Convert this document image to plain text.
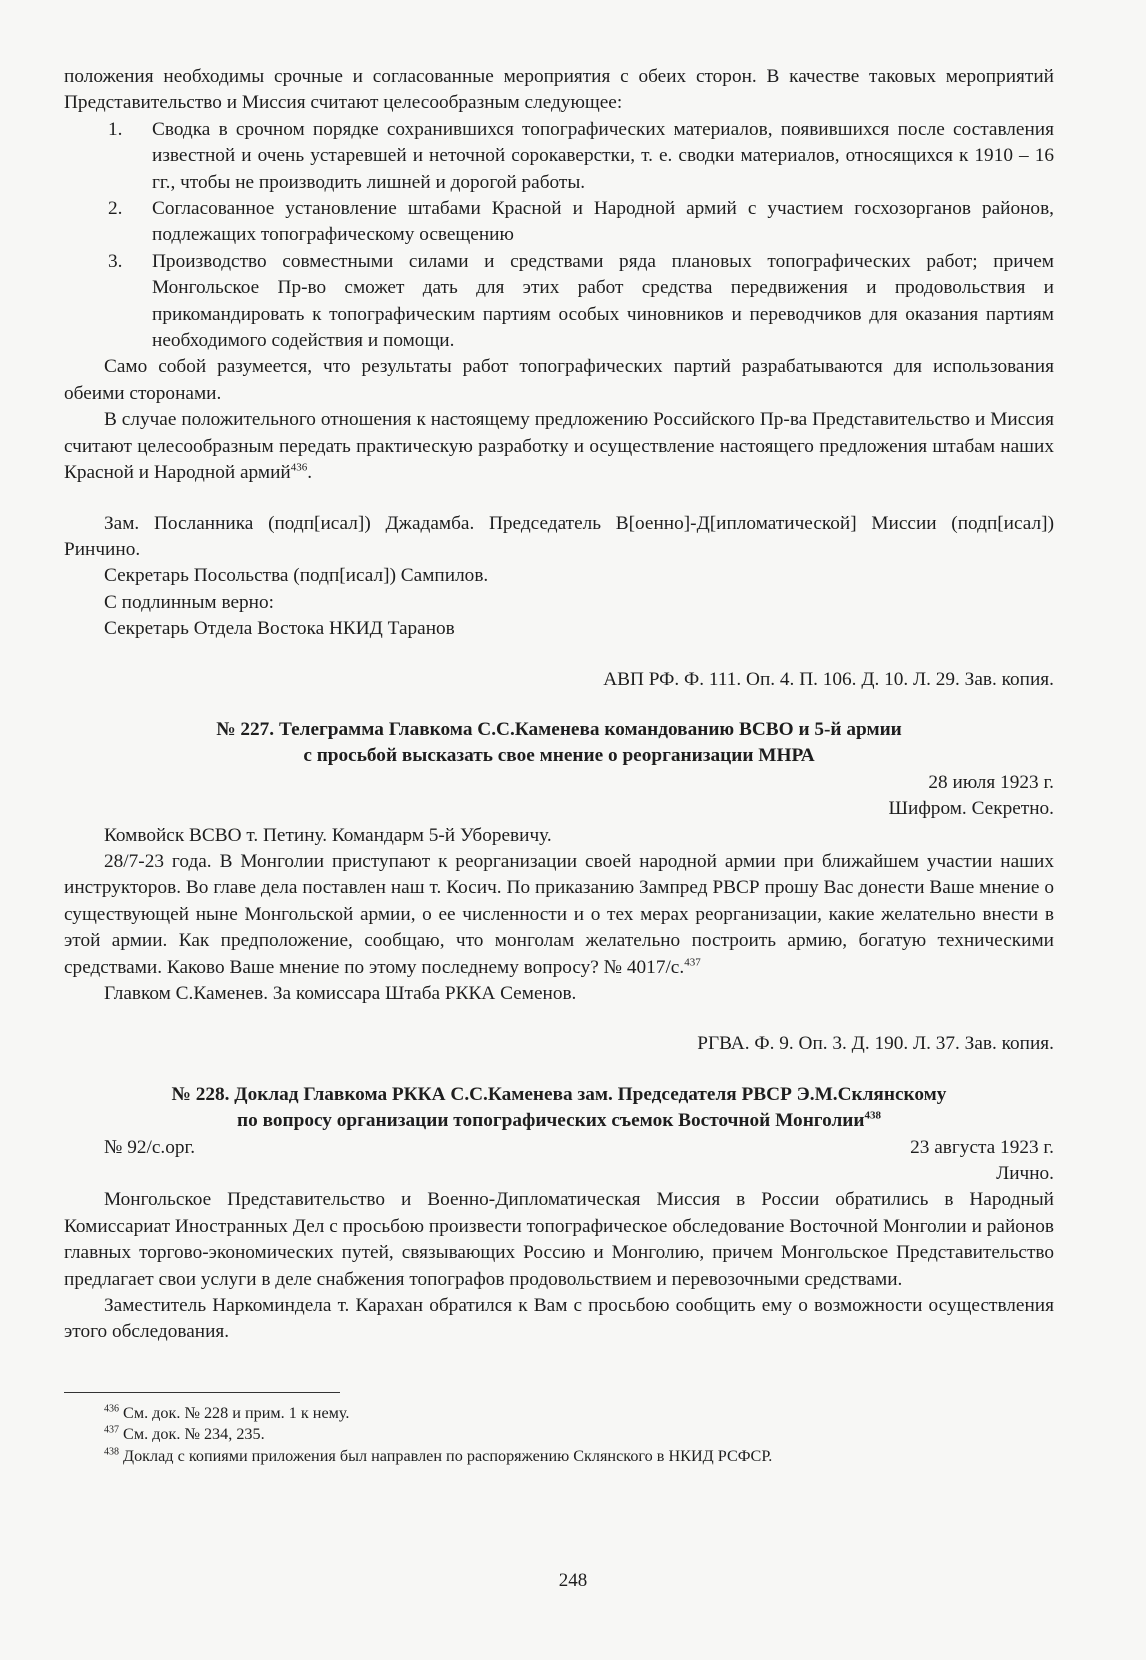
положения необходимы срочные и согласованные мероприятия с обеих сторон. В качестве таковых мероприятий Представительство и Миссия считают целесообразным следующее:

1. Сводка в срочном порядке сохранившихся топографических материалов, появившихся после составления известной и очень устаревшей и неточной сорокаверстки, т. е. сводки материалов, относящихся к 1910 – 16 гг., чтобы не производить лишней и дорогой работы.
2. Согласованное установление штабами Красной и Народной армий с участием госхозорганов районов, подлежащих топографическому освещению
3. Производство совместными силами и средствами ряда плановых топографических работ; причем Монгольское Пр-во сможет дать для этих работ средства передвижения и продовольствия и прикомандировать к топографическим партиям особых чиновников и переводчиков для оказания партиям необходимого содействия и помощи.

Само собой разумеется, что результаты работ топографических партий разрабатываются для использования обеими сторонами.

В случае положительного отношения к настоящему предложению Российского Пр-ва Представительство и Миссия считают целесообразным передать практическую разработку и осуществление настоящего предложения штабам наших Красной и Народной армий$^{436}$.

Зам. Посланника (подп[исал]) Джадамба. Председатель В[оенно]-Д[ипломатической] Миссии (подп[исал]) Ринчино.

Секретарь Посольства (подп[исал]) Сампилов.

С подлинным верно:

Секретарь Отдела Востока НКИД Таранов

АВП РФ. Ф. 111. Оп. 4. П. 106. Д. 10. Л. 29. Зав. копия.

№ 227. Телеграмма Главкома С.С.Каменева командованию ВСВО и 5-й армии
с просьбой высказать свое мнение о реорганизации МНРА

28 июля 1923 г.

Шифром. Секретно.

Комвойск ВСВО т. Петину. Командарм 5-й Уборевичу.

28/7-23 года. В Монголии приступают к реорганизации своей народной армии при ближайшем участии наших инструкторов. Во главе дела поставлен наш т. Косич. По приказанию Зампред РВСР прошу Вас донести Ваше мнение о существующей ныне Монгольской армии, о ее численности и о тех мерах реорганизации, какие желательно внести в этой армии. Как предположение, сообщаю, что монголам желательно построить армию, богатую техническими средствами. Каково Ваше мнение по этому последнему вопросу? № 4017/с.$^{437}$

Главком С.Каменев. За комиссара Штаба РККА Семенов.

РГВА. Ф. 9. Оп. 3. Д. 190. Л. 37. Зав. копия.

№ 228. Доклад Главкома РККА С.С.Каменева зам. Председателя РВСР Э.М.Склянскому
по вопросу организации топографических съемок Восточной Монголии$^{438}$
№ 92/с.орг.	23 августа 1923 г.

Лично.

Монгольское Представительство и Военно-Дипломатическая Миссия в России обратились в Народный Комиссариат Иностранных Дел с просьбою произвести топографическое обследование Восточной Монголии и районов главных торгово-экономических путей, связывающих Россию и Монголию, причем Монгольское Представительство предлагает свои услуги в деле снабжения топографов продовольствием и перевозочными средствами.

Заместитель Наркоминдела т. Карахан обратился к Вам с просьбою сообщить ему о возможности осуществления этого обследования.

$^{436}$ См. док. № 228 и прим. 1 к нему.

$^{437}$ См. док. № 234, 235.

$^{438}$ Доклад с копиями приложения был направлен по распоряжению Склянского в НКИД РСФСР.

248
